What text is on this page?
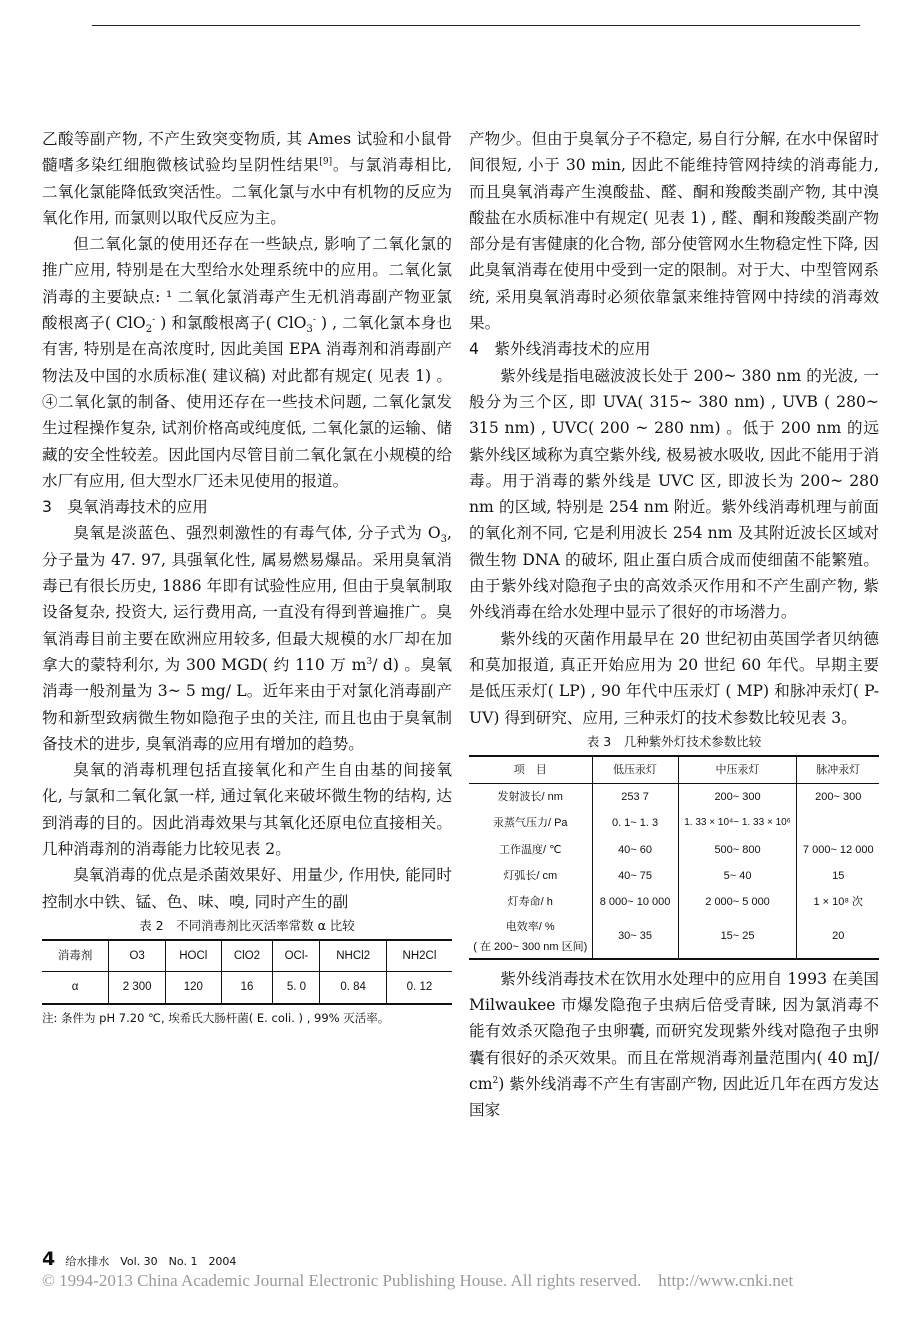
乙酸等副产物, 不产生致突变物质, 其 Ames 试验和小鼠骨髓嗜多染红细胞微核试验均呈阴性结果[9]。与氯消毒相比, 二氧化氯能降低致突活性。二氧化氯与水中有机物的反应为氧化作用, 而氯则以取代反应为主。

但二氧化氯的使用还存在一些缺点, 影响了二氧化氯的推广应用, 特别是在大型给水处理系统中的应用。二氧化氯消毒的主要缺点: ¹ 二氧化氯消毒产生无机消毒副产物亚氯酸根离子( ClO$_2$- ) 和氯酸根离子( ClO$_3$- ) , 二氧化氯本身也有害, 特别是在高浓度时, 因此美国 EPA 消毒剂和消毒副产物法及中国的水质标准( 建议稿) 对此都有规定( 见表 1) 。④二氧化氯的制备、使用还存在一些技术问题, 二氧化氯发生过程操作复杂, 试剂价格高或纯度低, 二氧化氯的运输、储藏的安全性较差。因此国内尽管目前二氧化氯在小规模的给水厂有应用, 但大型水厂还未见使用的报道。

3　臭氧消毒技术的应用

臭氧是淡蓝色、强烈刺激性的有毒气体, 分子式为 $O_3$, 分子量为 47. 97, 具强氧化性, 属易燃易爆品。采用臭氧消毒已有很长历史, 1886 年即有试验性应用, 但由于臭氧制取设备复杂, 投资大, 运行费用高, 一直没有得到普遍推广。臭氧消毒目前主要在欧洲应用较多, 但最大规模的水厂却在加拿大的蒙特利尔, 为 300 MGD( 约 110 万 $m^3/$ d) 。臭氧消毒一般剂量为 3~ 5 mg/ L。近年来由于对氯化消毒副产物和新型致病微生物如隐孢子虫的关注, 而且也由于臭氧制备技术的进步, 臭氧消毒的应用有增加的趋势。

臭氧的消毒机理包括直接氧化和产生自由基的间接氧化, 与氯和二氧化氯一样, 通过氧化来破坏微生物的结构, 达到消毒的目的。因此消毒效果与其氧化还原电位直接相关。几种消毒剂的消毒能力比较见表 2。

臭氧消毒的优点是杀菌效果好、用量少, 作用快, 能同时控制水中铁、锰、色、味、嗅, 同时产生的副

表 2　不同消毒剂比灭活率常数 α 比较
消毒剂	O3	HOCl	ClO2	OCl-	NHCl2	NH2Cl
α	2 300	120	16	5. 0	0. 84	0. 12
注: 条件为 pH 7.20 ℃, 埃希氏大肠杆菌( E. coli. ) , 99% 灭活率。

产物少。但由于臭氧分子不稳定, 易自行分解, 在水中保留时间很短, 小于 30 min, 因此不能维持管网持续的消毒能力, 而且臭氧消毒产生溴酸盐、醛、酮和羧酸类副产物, 其中溴酸盐在水质标准中有规定( 见表 1) , 醛、酮和羧酸类副产物部分是有害健康的化合物, 部分使管网水生物稳定性下降, 因此臭氧消毒在使用中受到一定的限制。对于大、中型管网系统, 采用臭氧消毒时必须依靠氯来维持管网中持续的消毒效果。

4　紫外线消毒技术的应用

紫外线是指电磁波波长处于 200~ 380 nm 的光波, 一般分为三个区, 即 UVA( 315~ 380 nm) , UVB ( 280~ 315 nm) , UVC( 200 ~ 280 nm) 。低于 200 nm 的远紫外线区域称为真空紫外线, 极易被水吸收, 因此不能用于消毒。用于消毒的紫外线是 UVC 区, 即波长为 200~ 280 nm 的区域, 特别是 254 nm 附近。紫外线消毒机理与前面的氧化剂不同, 它是利用波长 254 nm 及其附近波长区域对微生物 DNA 的破坏, 阻止蛋白质合成而使细菌不能繁殖。由于紫外线对隐孢子虫的高效杀灭作用和不产生副产物, 紫外线消毒在给水处理中显示了很好的市场潜力。

紫外线的灭菌作用最早在 20 世纪初由英国学者贝纳德和莫加报道, 真正开始应用为 20 世纪 60 年代。早期主要是低压汞灯( LP) , 90 年代中压汞灯 ( MP) 和脉冲汞灯( P- UV) 得到研究、应用, 三种汞灯的技术参数比较见表 3。

表 3　几种紫外灯技术参数比较
项　目	低压汞灯	中压汞灯	脉冲汞灯
发射波长/ nm	253 7	200~ 300	200~ 300
汞蒸气压力/ Pa	0. 1~ 1. 3	1. 33 × 10⁴~ 1. 33 × 10⁶	
工作温度/ ℃	40~ 60	500~ 800	7 000~ 12 000
灯弧长/ cm	40~ 75	5~ 40	15
灯寿命/ h	8 000~ 10 000	2 000~ 5 000	1 × 10⁸ 次
电效率/ %
( 在 200~ 300 nm 区间)	30~ 35	15~ 25	20

紫外线消毒技术在饮用水处理中的应用自 1993 在美国 Milwaukee 市爆发隐孢子虫病后倍受青睐, 因为氯消毒不能有效杀灭隐孢子虫卵囊, 而研究发现紫外线对隐孢子虫卵囊有很好的杀灭效果。而且在常规消毒剂量范围内( 40 mJ/ $cm^2$) 紫外线消毒不产生有害副产物, 因此近几年在西方发达国家

4 给水排水　Vol. 30　No. 1　2004
© 1994-2013 China Academic Journal Electronic Publishing House. All rights reserved.　http://www.cnki.net
